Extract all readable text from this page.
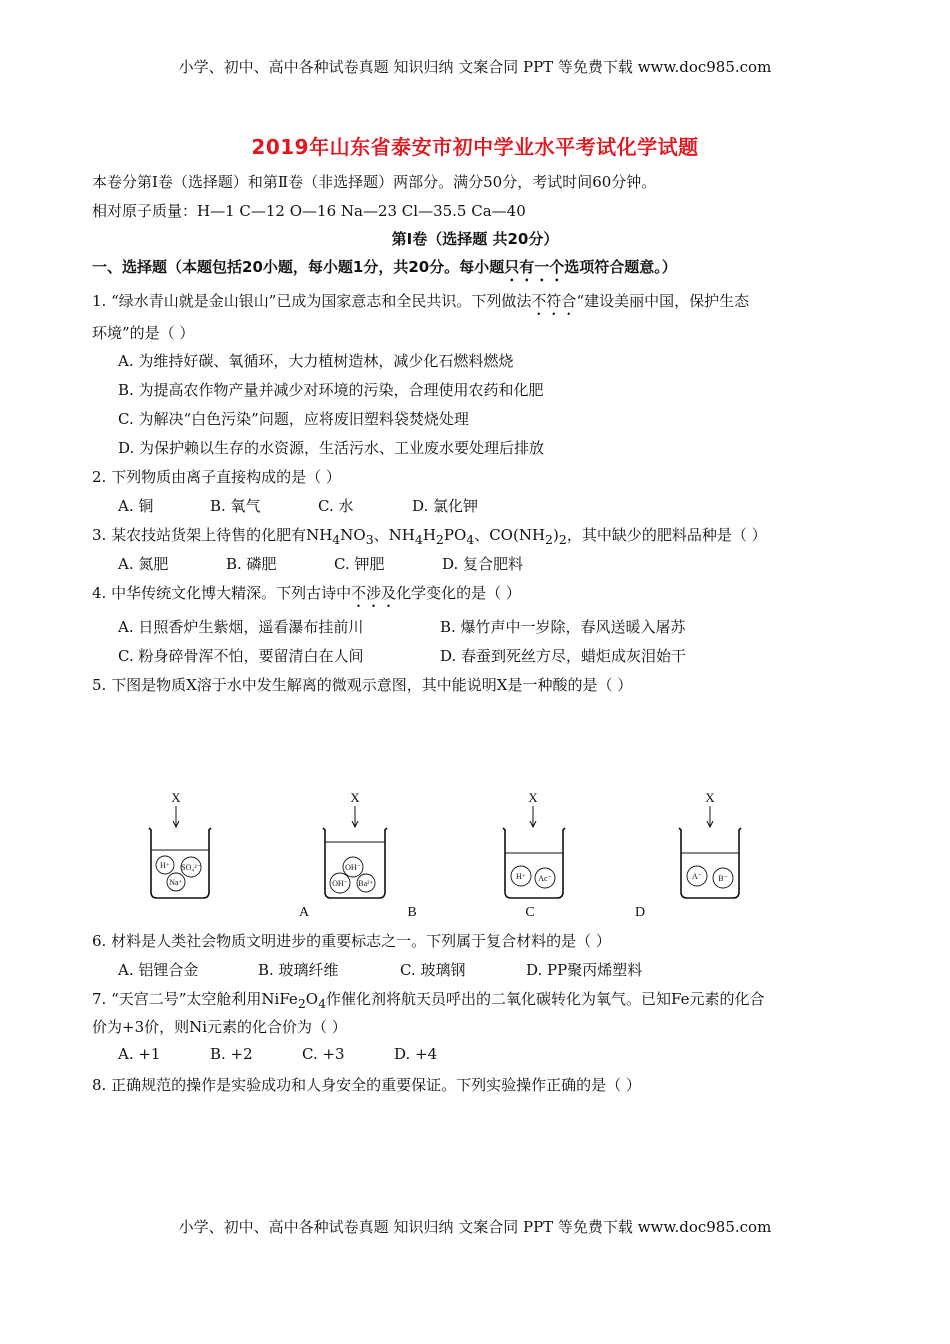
小学、初中、高中各种试卷真题 知识归纳 文案合同 PPT 等免费下载 www.doc985.com
2019年山东省泰安市初中学业水平考试化学试题
本卷分第Ⅰ卷（选择题）和第Ⅱ卷（非选择题）两部分。满分50分，考试时间60分钟。
相对原子质量：H—1 C—12 O—16 Na—23 Cl—35.5 Ca—40
第Ⅰ卷（选择题 共20分）
一、选择题（本题包括20小题，每小题1分，共20分。每小题只有一个选项符合题意。）
1. “绿水青山就是金山银山”已成为国家意志和全民共识。下列做法不符合“建设美丽中国，保护生态
环境”的是（ ）
A. 为维持好碳、氧循环，大力植树造林，减少化石燃料燃烧
B. 为提高农作物产量并减少对环境的污染，合理使用农药和化肥
C. 为解决“白色污染”问题，应将废旧塑料袋焚烧处理
D. 为保护赖以生存的水资源，生活污水、工业废水要处理后排放
2. 下列物质由离子直接构成的是（ ）
A. 铜	B. 氧气	C. 水	D. 氯化钾
3. 某农技站货架上待售的化肥有$NH_4NO_3$、$NH_4H_2PO_4$、$CO(NH_2)_2$，其中缺少的肥料品种是（ ）
A. 氮肥	B. 磷肥	C. 钾肥	D. 复合肥料
4. 中华传统文化博大精深。下列古诗中不涉及化学变化的是（ ）
A. 日照香炉生紫烟，遥看瀑布挂前川	B. 爆竹声中一岁除，春风送暖入屠苏
C. 粉身碎骨浑不怕，要留清白在人间	D. 春蚕到死丝方尽，蜡炬成灰泪始干
5. 下图是物质X溶于水中发生解离的微观示意图，其中能说明X是一种酸的是（ ）
X	X	X	X
H⁺ SO₄²⁻
Na⁺
OH⁻
OH⁻ Ba²⁺
H⁺ Ac⁻	A⁻ B⁻
A	B	C	D
6. 材料是人类社会物质文明进步的重要标志之一。下列属于复合材料的是（ ）
A. 铝锂合金	B. 玻璃纤维	C. 玻璃钢	D. PP聚丙烯塑料
7. “天宫二号”太空舱利用$NiFe_2O_4$作催化剂将航天员呼出的二氧化碳转化为氧气。已知Fe元素的化合
价为+3价，则Ni元素的化合价为（ ）
A. +1	B. +2	C. +3	D. +4
8. 正确规范的操作是实验成功和人身安全的重要保证。下列实验操作正确的是（ ）
小学、初中、高中各种试卷真题 知识归纳 文案合同 PPT 等免费下载 www.doc985.com
